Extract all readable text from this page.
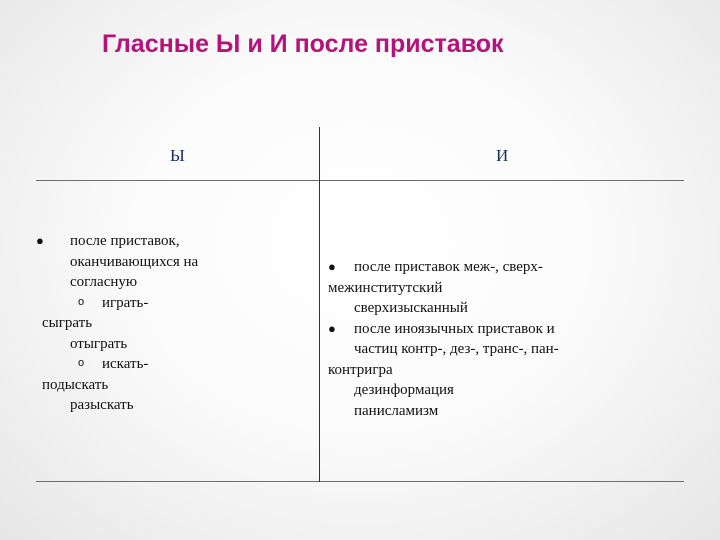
Гласные Ы и И после приставок
Ы	И
● после приставок,
оканчивающихся на
согласную
o играть-
сыграть
отыграть
o искать-
подыскать
разыскать
● после приставок меж-, сверх-
межинститутский
сверхизысканный
● после иноязычных приставок и
частиц контр-, дез-, транс-, пан-
контригра
дезинформация
панисламизм
